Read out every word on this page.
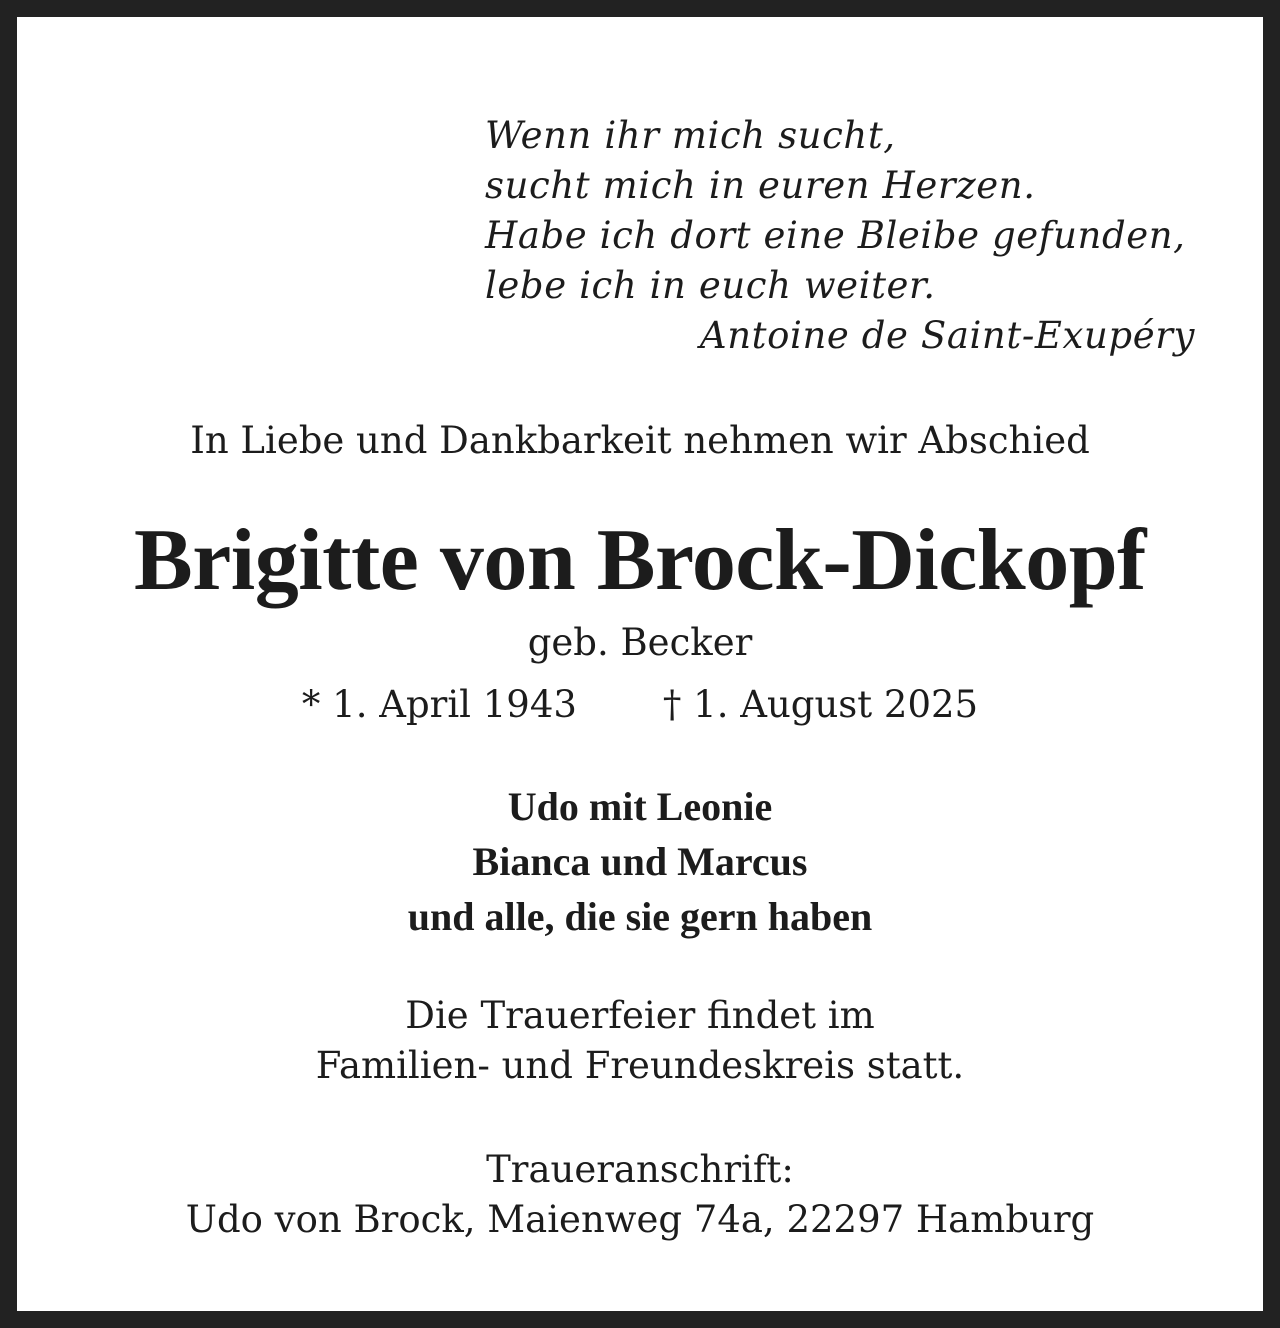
Wenn ihr mich sucht,
sucht mich in euren Herzen.
Habe ich dort eine Bleibe gefunden,
lebe ich in euch weiter.
Antoine de Saint-Exupéry
In Liebe und Dankbarkeit nehmen wir Abschied
Brigitte von Brock-Dickopf
geb. Becker
* 1. April 1943 † 1. August 2025
Udo mit Leonie
Bianca und Marcus
und alle, die sie gern haben
Die Trauerfeier findet im
Familien- und Freundeskreis statt.
Traueranschrift:
Udo von Brock, Maienweg 74a, 22297 Hamburg
